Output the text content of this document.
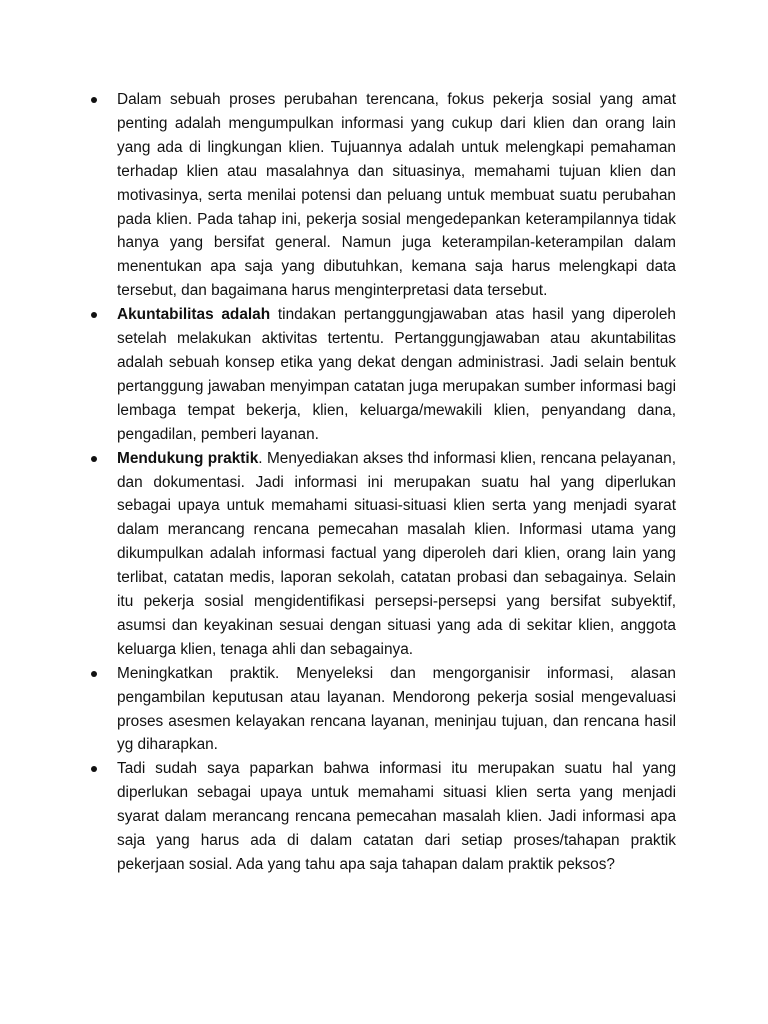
Dalam sebuah proses perubahan terencana, fokus pekerja sosial yang amat penting adalah mengumpulkan informasi yang cukup dari klien dan orang lain yang ada di lingkungan klien. Tujuannya adalah untuk melengkapi pemahaman terhadap klien atau masalahnya dan situasinya, memahami tujuan klien dan motivasinya, serta menilai potensi dan peluang untuk membuat suatu perubahan pada klien. Pada tahap ini, pekerja sosial mengedepankan keterampilannya tidak hanya yang bersifat general. Namun juga keterampilan-keterampilan dalam menentukan apa saja yang dibutuhkan, kemana saja harus melengkapi data tersebut, dan bagaimana harus menginterpretasi data tersebut.
Akuntabilitas adalah tindakan pertanggungjawaban atas hasil yang diperoleh setelah melakukan aktivitas tertentu. Pertanggungjawaban atau akuntabilitas adalah sebuah konsep etika yang dekat dengan administrasi. Jadi selain bentuk pertanggung jawaban menyimpan catatan juga merupakan sumber informasi bagi lembaga tempat bekerja, klien, keluarga/mewakili klien, penyandang dana, pengadilan, pemberi layanan.
Mendukung praktik. Menyediakan akses thd informasi klien, rencana pelayanan, dan dokumentasi. Jadi informasi ini merupakan suatu hal yang diperlukan sebagai upaya untuk memahami situasi-situasi klien serta yang menjadi syarat dalam merancang rencana pemecahan masalah klien. Informasi utama yang dikumpulkan adalah informasi factual yang diperoleh dari klien, orang lain yang terlibat, catatan medis, laporan sekolah, catatan probasi dan sebagainya. Selain itu pekerja sosial mengidentifikasi persepsi-persepsi yang bersifat subyektif, asumsi dan keyakinan sesuai dengan situasi yang ada di sekitar klien, anggota keluarga klien, tenaga ahli dan sebagainya.
Meningkatkan praktik. Menyeleksi dan mengorganisir informasi, alasan pengambilan keputusan atau layanan. Mendorong pekerja sosial mengevaluasi proses asesmen kelayakan rencana layanan, meninjau tujuan, dan rencana hasil yg diharapkan.
Tadi sudah saya paparkan bahwa informasi itu merupakan suatu hal yang diperlukan sebagai upaya untuk memahami situasi klien serta yang menjadi syarat dalam merancang rencana pemecahan masalah klien. Jadi informasi apa saja yang harus ada di dalam catatan dari setiap proses/tahapan praktik pekerjaan sosial. Ada yang tahu apa saja tahapan dalam praktik peksos?
